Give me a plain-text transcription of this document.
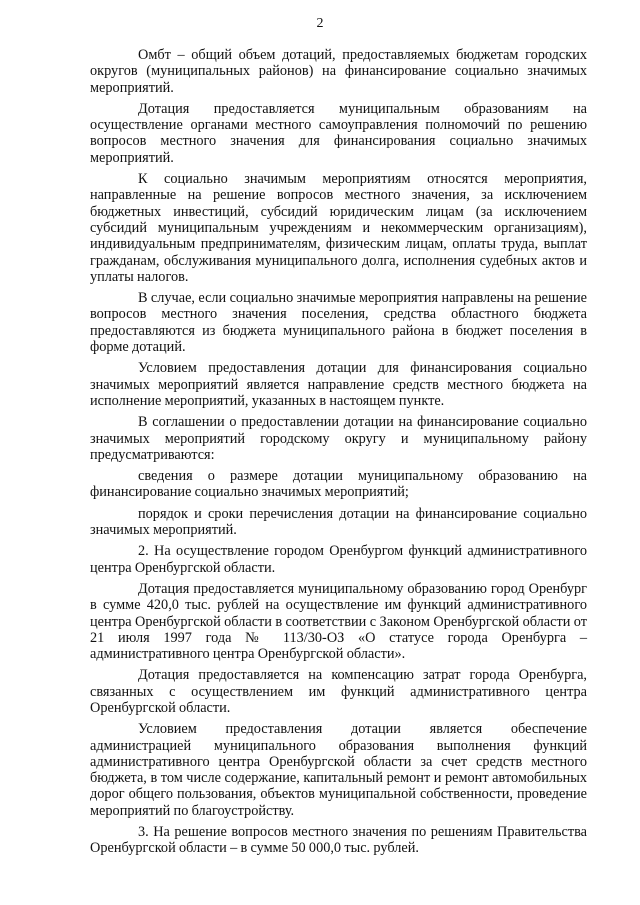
2

Омбт – общий объем дотаций, предоставляемых бюджетам городских округов (муниципальных районов) на финансирование социально значимых мероприятий.

Дотация предоставляется муниципальным образованиям на осуществление органами местного самоуправления полномочий по решению вопросов местного значения для финансирования социально значимых мероприятий.

К социально значимым мероприятиям относятся мероприятия, направленные на решение вопросов местного значения, за исключением бюджетных инвестиций, субсидий юридическим лицам (за исключением субсидий муниципальным учреждениям и некоммерческим организациям), индивидуальным предпринимателям, физическим лицам, оплаты труда, выплат гражданам, обслуживания муниципального долга, исполнения судебных актов и уплаты налогов.

В случае, если социально значимые мероприятия направлены на решение вопросов местного значения поселения, средства областного бюджета предоставляются из бюджета муниципального района в бюджет поселения в форме дотаций.

Условием предоставления дотации для финансирования социально значимых мероприятий является направление средств местного бюджета на исполнение мероприятий, указанных в настоящем пункте.

В соглашении о предоставлении дотации на финансирование социально значимых мероприятий городскому округу и муниципальному району предусматриваются:

сведения о размере дотации муниципальному образованию на финансирование социально значимых мероприятий;

порядок и сроки перечисления дотации на финансирование социально значимых мероприятий.

2. На осуществление городом Оренбургом функций административного центра Оренбургской области.

Дотация предоставляется муниципальному образованию город Оренбург в сумме 420,0 тыс. рублей на осуществление им функций административного центра Оренбургской области в соответствии с Законом Оренбургской области от 21 июля 1997 года № 113/30-ОЗ «О статусе города Оренбурга – административного центра Оренбургской области».

Дотация предоставляется на компенсацию затрат города Оренбурга, связанных с осуществлением им функций административного центра Оренбургской области.

Условием предоставления дотации является обеспечение администрацией муниципального образования выполнения функций административного центра Оренбургской области за счет средств местного бюджета, в том числе содержание, капитальный ремонт и ремонт автомобильных дорог общего пользования, объектов муниципальной собственности, проведение мероприятий по благоустройству.

3. На решение вопросов местного значения по решениям Правительства Оренбургской области – в сумме 50 000,0 тыс. рублей.
